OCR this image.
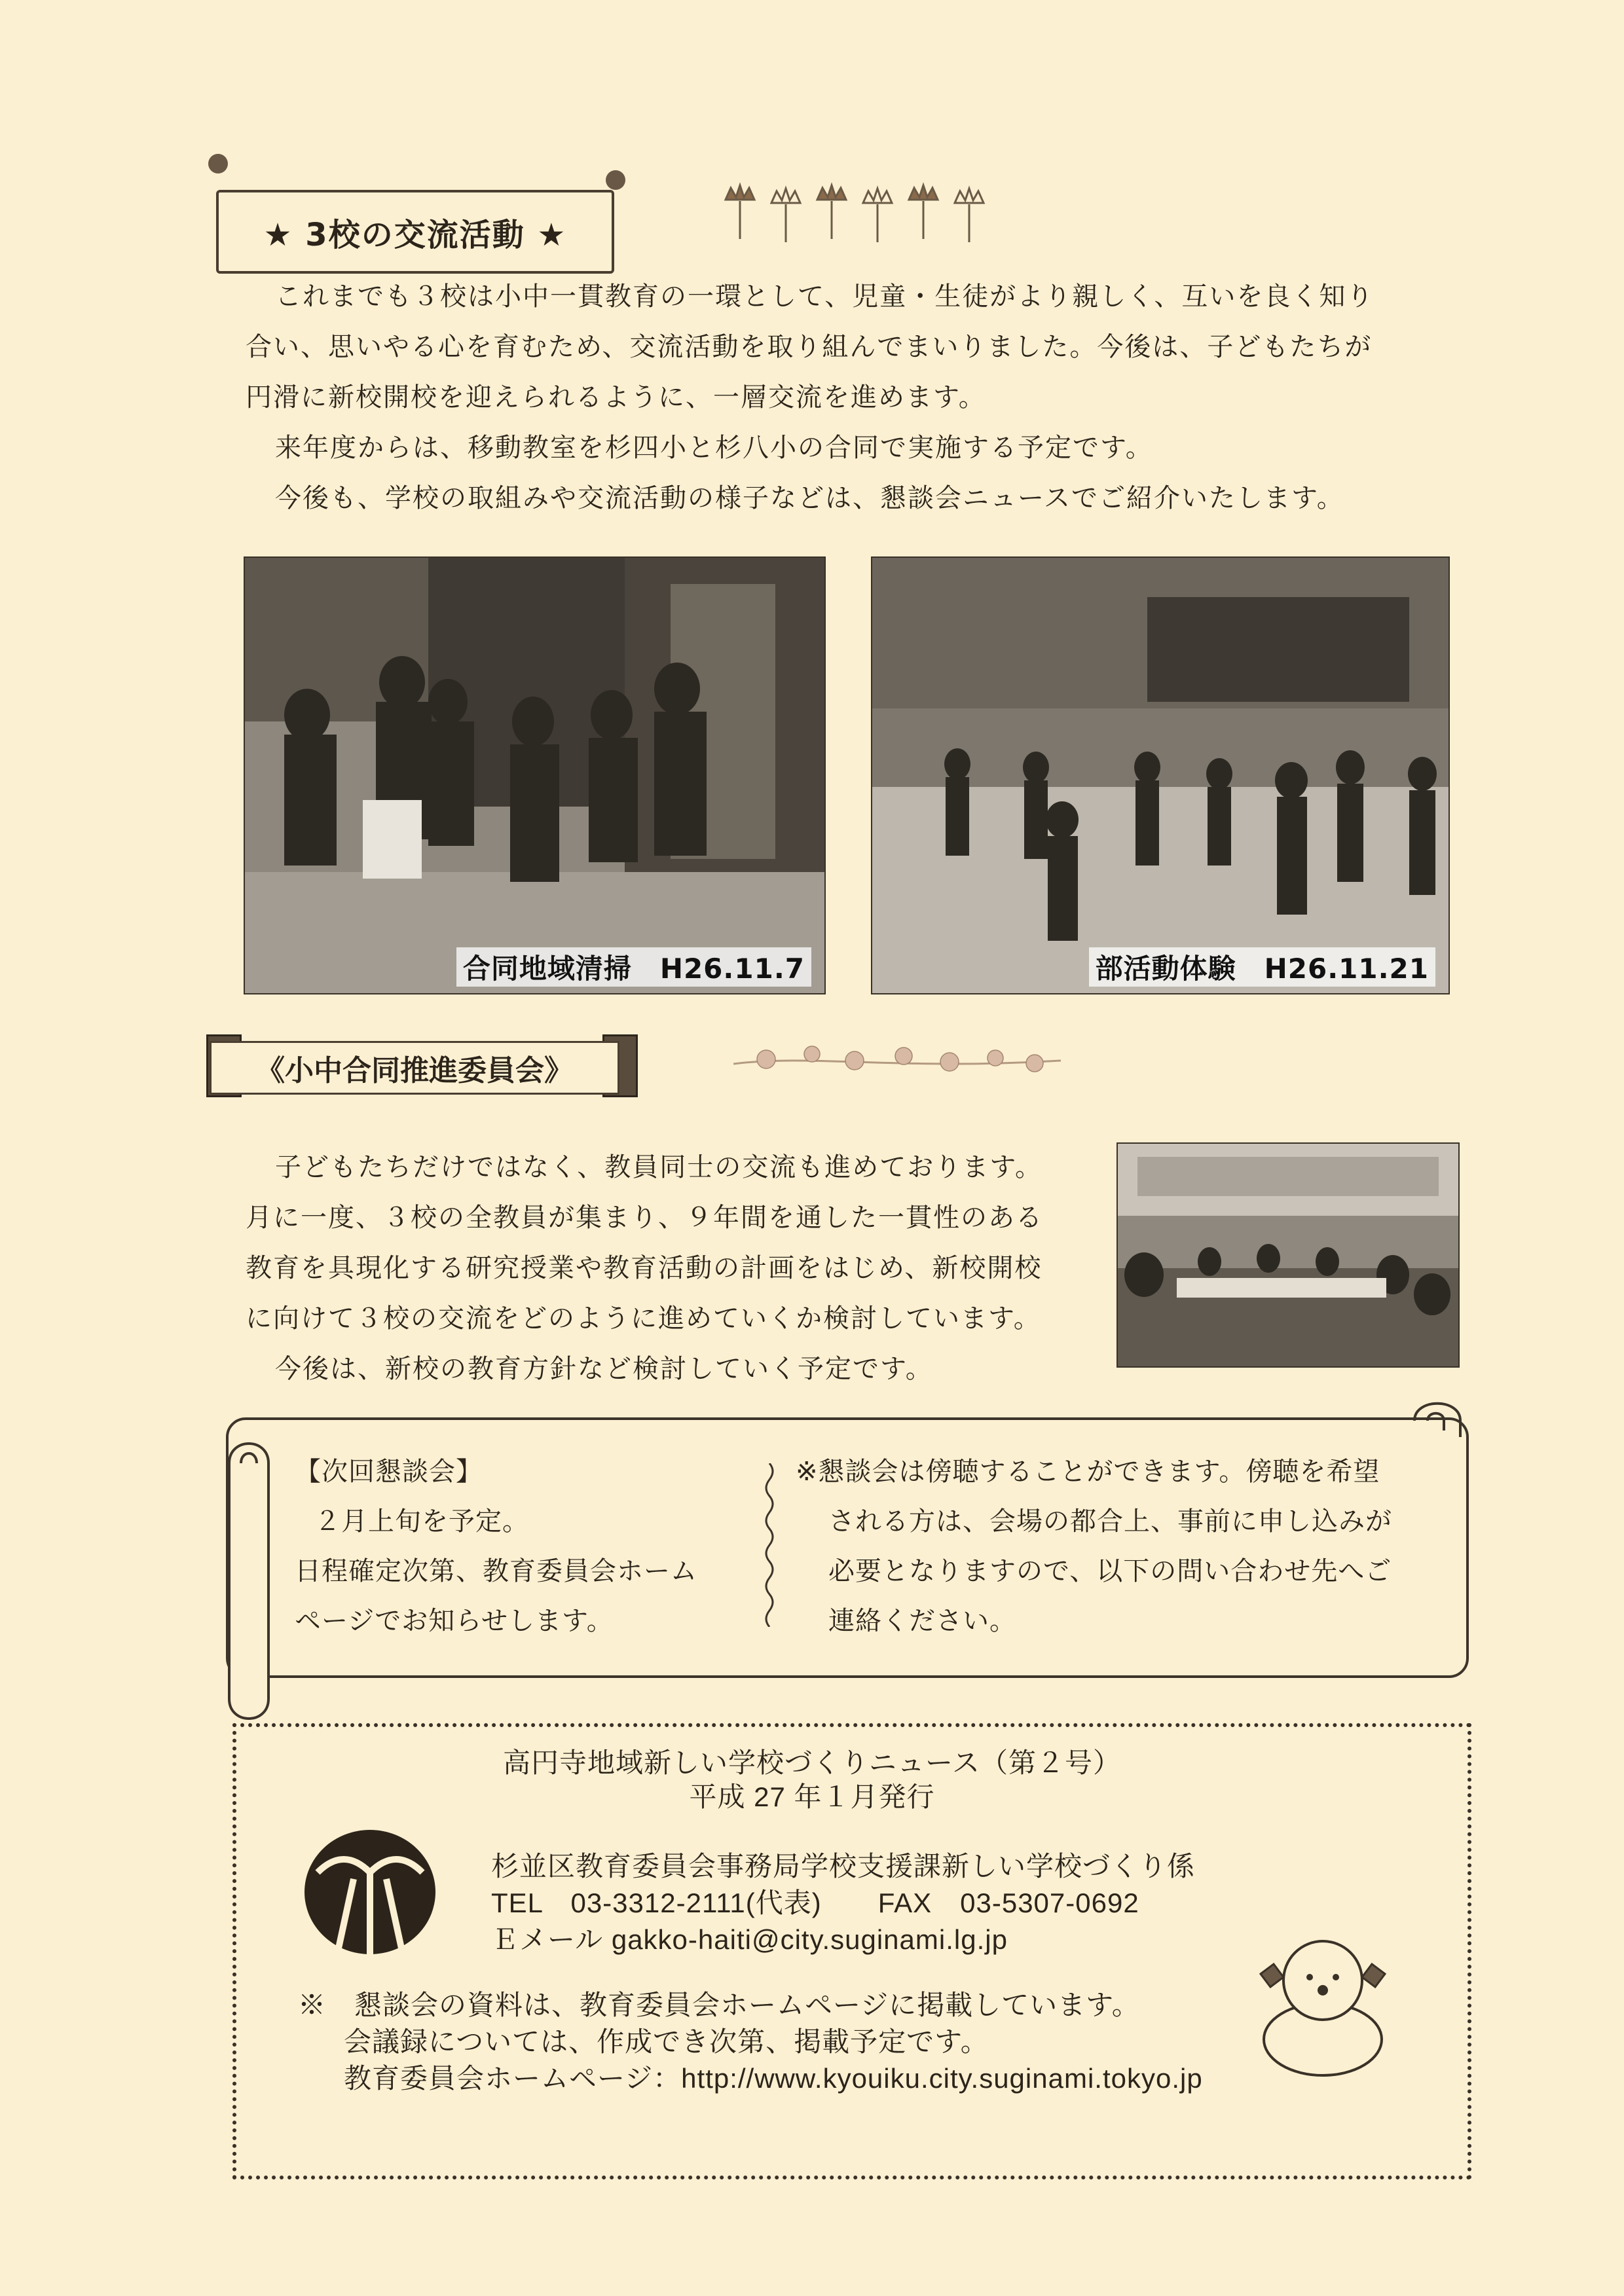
★ 3校の交流活動 ★
これまでも３校は小中一貫教育の一環として、児童・生徒がより親しく、互いを良く知り
合い、思いやる心を育むため、交流活動を取り組んでまいりました。今後は、子どもたちが
円滑に新校開校を迎えられるように、一層交流を進めます。
来年度からは、移動教室を杉四小と杉八小の合同で実施する予定です。
今後も、学校の取組みや交流活動の様子などは、懇談会ニュースでご紹介いたします。
合同地域清掃　H26.11.7	部活動体験　H26.11.21
《小中合同推進委員会》
子どもたちだけではなく、教員同士の交流も進めております。
月に一度、３校の全教員が集まり、９年間を通した一貫性のある
教育を具現化する研究授業や教育活動の計画をはじめ、新校開校
に向けて３校の交流をどのように進めていくか検討しています。
今後は、新校の教育方針など検討していく予定です。
【次回懇談会】
２月上旬を予定。
日程確定次第、教育委員会ホーム
ページでお知らせします。
※懇談会は傍聴することができます。傍聴を希望
される方は、会場の都合上、事前に申し込みが
必要となりますので、以下の問い合わせ先へご
連絡ください。
高円寺地域新しい学校づくりニュース（第２号）
平成 27 年１月発行
杉並区教育委員会事務局学校支援課新しい学校づくり係
TEL　03-3312-2111(代表)　　FAX　03-5307-0692
Ｅメール gakko-haiti@city.suginami.lg.jp
※　懇談会の資料は、教育委員会ホームページに掲載しています。
会議録については、作成でき次第、掲載予定です。
教育委員会ホームページ：http://www.kyouiku.city.suginami.tokyo.jp
